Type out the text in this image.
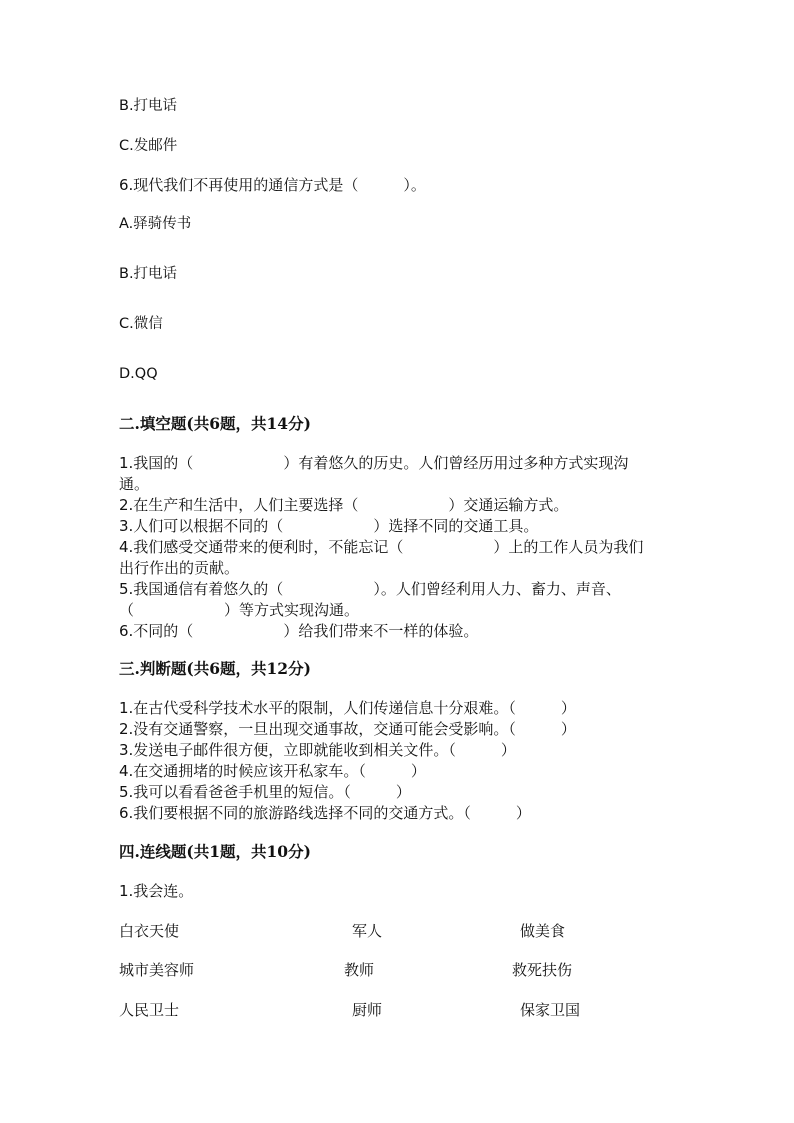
B.打电话
C.发邮件
6.现代我们不再使用的通信方式是（　　　）。
A.驿骑传书
B.打电话
C.微信
D.QQ
二.填空题(共6题，共14分)
1.我国的（　　　　　　）有着悠久的历史。人们曾经历用过多种方式实现沟
通。
2.在生产和生活中，人们主要选择（　　　　　　）交通运输方式。
3.人们可以根据不同的（　　　　　　）选择不同的交通工具。
4.我们感受交通带来的便利时，不能忘记（　　　　　　）上的工作人员为我们
出行作出的贡献。
5.我国通信有着悠久的（　　　　　　）。人们曾经利用人力、畜力、声音、
（　　　　　　）等方式实现沟通。
6.不同的（　　　　　　）给我们带来不一样的体验。
三.判断题(共6题，共12分)
1.在古代受科学技术水平的限制，人们传递信息十分艰难。（　　　）
2.没有交通警察，一旦出现交通事故，交通可能会受影响。（　　　）
3.发送电子邮件很方便，立即就能收到相关文件。（　　　）
4.在交通拥堵的时候应该开私家车。（　　　）
5.我可以看看爸爸手机里的短信。（　　　）
6.我们要根据不同的旅游路线选择不同的交通方式。（　　　）
四.连线题(共1题，共10分)
1.我会连。
白衣天使	军人	做美食
城市美容师	教师	救死扶伤
人民卫士	厨师	保家卫国
